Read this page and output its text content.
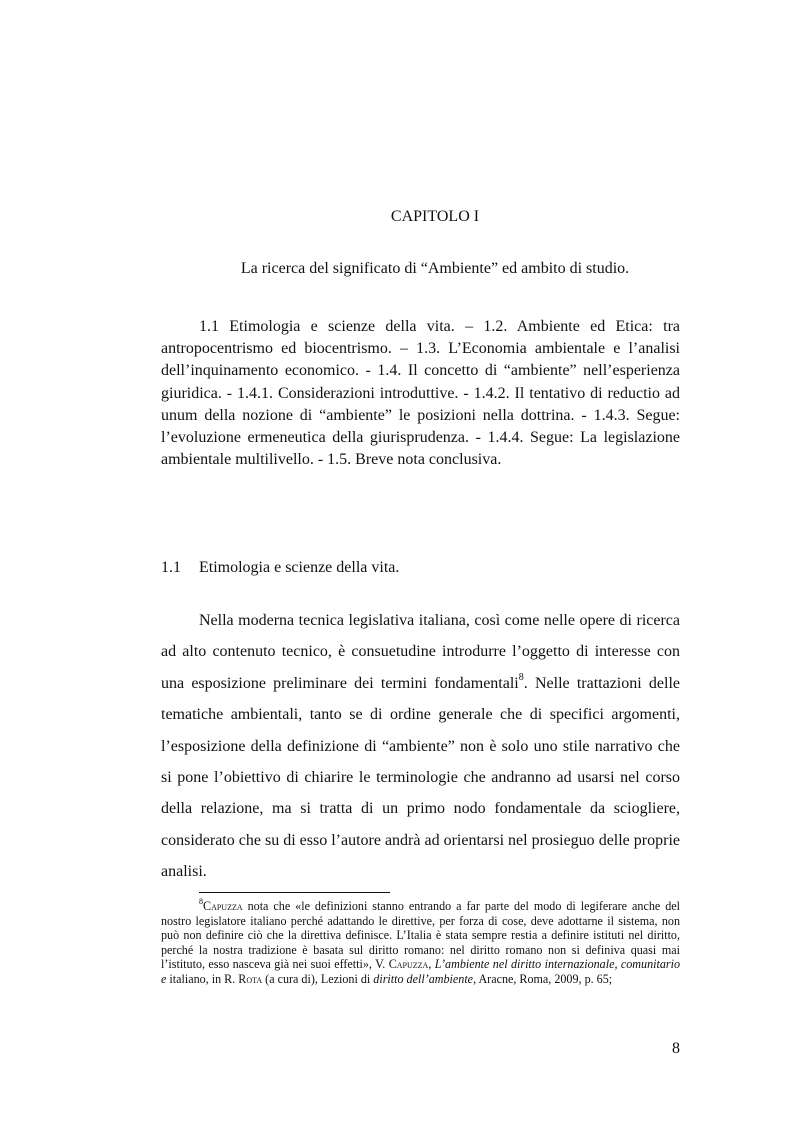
CAPITOLO I
La ricerca del significato di “Ambiente” ed ambito di studio.
1.1 Etimologia e scienze della vita. – 1.2. Ambiente ed Etica: tra antropocentrismo ed biocentrismo. – 1.3. L’Economia ambientale e l’analisi dell’inquinamento economico. - 1.4. Il concetto di “ambiente” nell’esperienza giuridica. - 1.4.1. Considerazioni introduttive. - 1.4.2. Il tentativo di reductio ad unum della nozione di “ambiente” le posizioni nella dottrina. - 1.4.3. Segue: l’evoluzione ermeneutica della giurisprudenza. - 1.4.4. Segue: La legislazione ambientale multilivello. - 1.5. Breve nota conclusiva.
1.1 Etimologia e scienze della vita.
Nella moderna tecnica legislativa italiana, così come nelle opere di ricerca ad alto contenuto tecnico, è consuetudine introdurre l’oggetto di interesse con una esposizione preliminare dei termini fondamentali$^8$. Nelle trattazioni delle tematiche ambientali, tanto se di ordine generale che di specifici argomenti, l’esposizione della definizione di “ambiente” non è solo uno stile narrativo che si pone l’obiettivo di chiarire le terminologie che andranno ad usarsi nel corso della relazione, ma si tratta di un primo nodo fondamentale da sciogliere, considerato che su di esso l’autore andrà ad orientarsi nel prosieguo delle proprie analisi.
$^8$Capuzza nota che «le definizioni stanno entrando a far parte del modo di legiferare anche del nostro legislatore italiano perché adattando le direttive, per forza di cose, deve adottarne il sistema, non può non definire ciò che la direttiva definisce. L’Italia è stata sempre restia a definire istituti nel diritto, perché la nostra tradizione è basata sul diritto romano: nel diritto romano non si definiva quasi mai l’istituto, esso nasceva già nei suoi effetti», V. Capuzza, L’ambiente nel diritto internazionale, comunitario e italiano, in R. Rota (a cura di), Lezioni di diritto dell’ambiente, Aracne, Roma, 2009, p. 65;
8
